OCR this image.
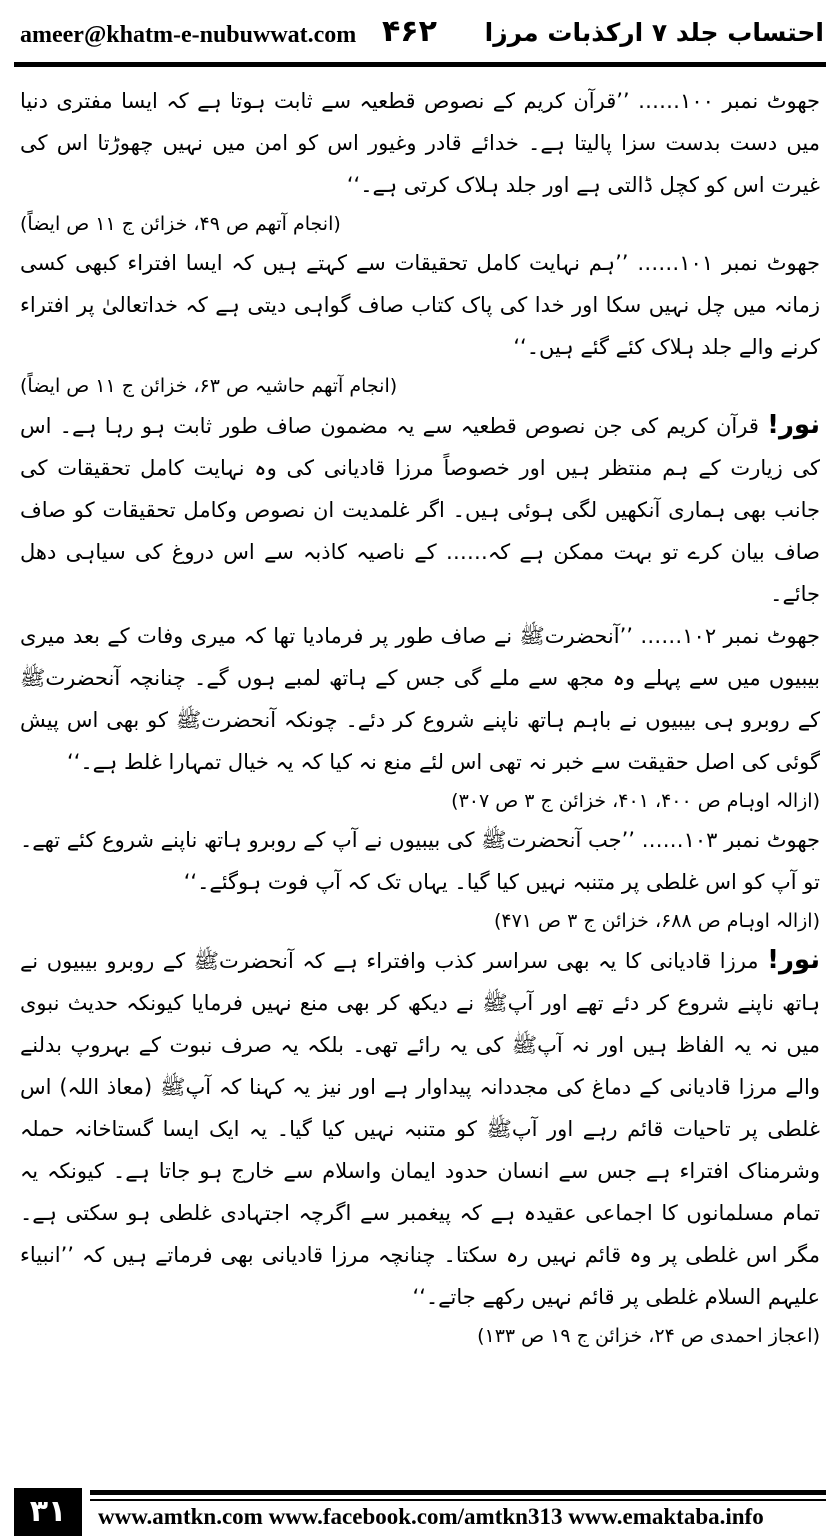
ameer@khatm-e-nubuwwat.com ۴۶۲ احتساب جلد ۷ ارکذبات مرزا

جھوٹ نمبر ۱۰۰…… ’’قرآن کریم کے نصوص قطعیہ سے ثابت ہوتا ہے کہ ایسا مفتری دنیا میں دست بدست سزا پالیتا ہے۔ خدائے قادر وغیور اس کو امن میں نہیں چھوڑتا اس کی غیرت اس کو کچل ڈالتی ہے اور جلد ہلاک کرتی ہے۔‘‘

(انجام آتھم ص ۴۹، خزائن ج ۱۱ ص ایضاً)

جھوٹ نمبر ۱۰۱…… ’’ہم نہایت کامل تحقیقات سے کہتے ہیں کہ ایسا افتراء کبھی کسی زمانہ میں چل نہیں سکا اور خدا کی پاک کتاب صاف گواہی دیتی ہے کہ خداتعالیٰ پر افتراء کرنے والے جلد ہلاک کئے گئے ہیں۔‘‘

(انجام آتھم حاشیہ ص ۶۳، خزائن ج ۱۱ ص ایضاً)

نور! قرآن کریم کی جن نصوص قطعیہ سے یہ مضمون صاف طور ثابت ہو رہا ہے۔ اس کی زیارت کے ہم منتظر ہیں اور خصوصاً مرزا قادیانی کی وہ نہایت کامل تحقیقات کی جانب بھی ہماری آنکھیں لگی ہوئی ہیں۔ اگر غلمدیت ان نصوص وکامل تحقیقات کو صاف صاف بیان کرے تو بہت ممکن ہے کہ…… کے ناصیہ کاذبہ سے اس دروغ کی سیاہی دھل جائے۔

جھوٹ نمبر ۱۰۲…… ’’آنحضرتﷺ نے صاف طور پر فرمادیا تھا کہ میری وفات کے بعد میری بیبیوں میں سے پہلے وہ مجھ سے ملے گی جس کے ہاتھ لمبے ہوں گے۔ چنانچہ آنحضرتﷺ کے روبرو ہی بیبیوں نے باہم ہاتھ ناپنے شروع کر دئے۔ چونکہ آنحضرتﷺ کو بھی اس پیش گوئی کی اصل حقیقت سے خبر نہ تھی اس لئے منع نہ کیا کہ یہ خیال تمہارا غلط ہے۔‘‘

(ازالہ اوہام ص ۴۰۰، ۴۰۱، خزائن ج ۳ ص ۳۰۷)

جھوٹ نمبر ۱۰۳…… ’’جب آنحضرتﷺ کی بیبیوں نے آپ کے روبرو ہاتھ ناپنے شروع کئے تھے۔ تو آپ کو اس غلطی پر متنبہ نہیں کیا گیا۔ یہاں تک کہ آپ فوت ہوگئے۔‘‘

(ازالہ اوہام ص ۶۸۸، خزائن ج ۳ ص ۴۷۱)

نور! مرزا قادیانی کا یہ بھی سراسر کذب وافتراء ہے کہ آنحضرتﷺ کے روبرو بیبیوں نے ہاتھ ناپنے شروع کر دئے تھے اور آپﷺ نے دیکھ کر بھی منع نہیں فرمایا کیونکہ حدیث نبوی میں نہ یہ الفاظ ہیں اور نہ آپﷺ کی یہ رائے تھی۔ بلکہ یہ صرف نبوت کے بہروپ بدلنے والے مرزا قادیانی کے دماغ کی مجددانہ پیداوار ہے اور نیز یہ کہنا کہ آپﷺ (معاذ اللہ) اس غلطی پر تاحیات قائم رہے اور آپﷺ کو متنبہ نہیں کیا گیا۔ یہ ایک ایسا گستاخانہ حملہ وشرمناک افتراء ہے جس سے انسان حدود ایمان واسلام سے خارج ہو جاتا ہے۔ کیونکہ یہ تمام مسلمانوں کا اجماعی عقیدہ ہے کہ پیغمبر سے اگرچہ اجتہادی غلطی ہو سکتی ہے۔ مگر اس غلطی پر وہ قائم نہیں رہ سکتا۔ چنانچہ مرزا قادیانی بھی فرماتے ہیں کہ ’’انبیاء علیہم السلام غلطی پر قائم نہیں رکھے جاتے۔‘‘

(اعجاز احمدی ص ۲۴، خزائن ج ۱۹ ص ۱۳۳)

۳۱	www.amtkn.com www.facebook.com/amtkn313 www.emaktaba.info
